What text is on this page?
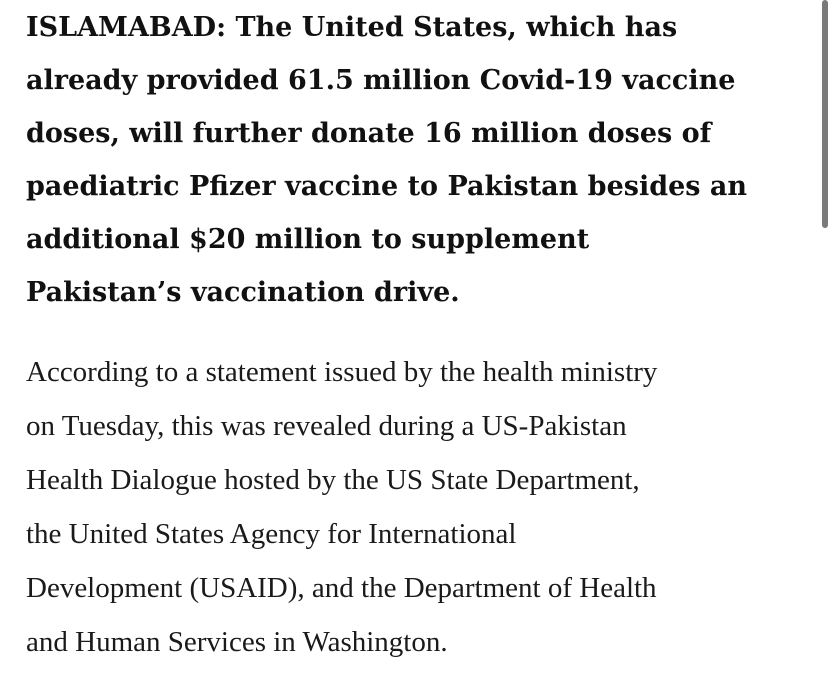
ISLAMABAD: The United States, which has
already provided 61.5 million Covid-19 vaccine
doses, will further donate 16 million doses of
paediatric Pfizer vaccine to Pakistan besides an
additional $20 million to supplement
Pakistan’s vaccination drive.

According to a statement issued by the health ministry
on Tuesday, this was revealed during a US-Pakistan
Health Dialogue hosted by the US State Department,
the United States Agency for International
Development (USAID), and the Department of Health
and Human Services in Washington.
